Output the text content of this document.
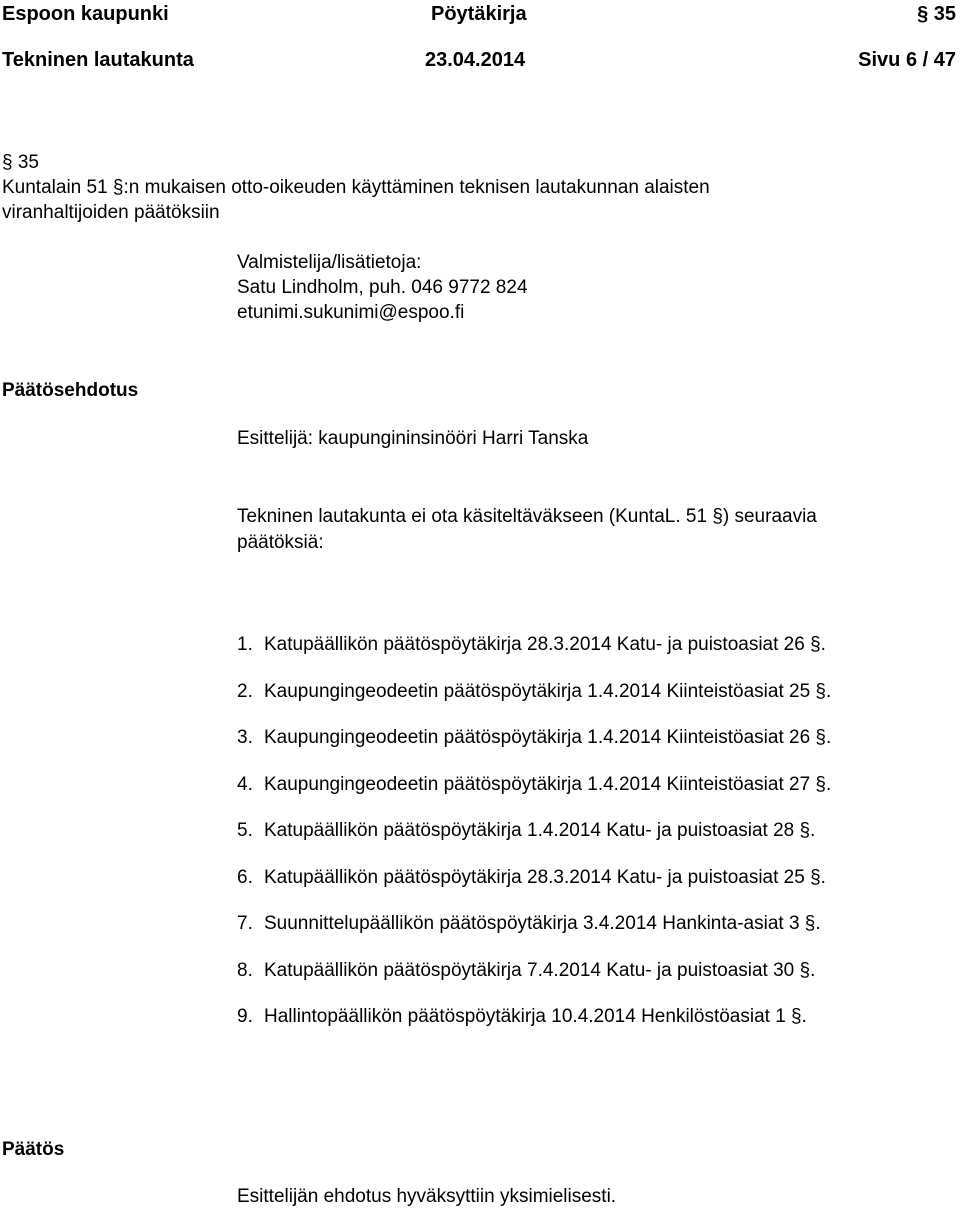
Espoon kaupunki	Pöytäkirja	§ 35
Tekninen lautakunta	23.04.2014	Sivu 6 / 47
§ 35
Kuntalain 51 §:n mukaisen otto-oikeuden käyttäminen teknisen lautakunnan alaisten
viranhaltijoiden päätöksiin
Valmistelija/lisätietoja:
Satu Lindholm, puh. 046 9772 824
etunimi.sukunimi@espoo.fi
Päätösehdotus
Esittelijä: kaupungininsinööri Harri Tanska
Tekninen lautakunta ei ota käsiteltäväkseen (KuntaL. 51 §) seuraavia
päätöksiä:
1. Katupäällikön päätöspöytäkirja 28.3.2014 Katu- ja puistoasiat 26 §.
2. Kaupungingeodeetin päätöspöytäkirja 1.4.2014 Kiinteistöasiat 25 §.
3. Kaupungingeodeetin päätöspöytäkirja 1.4.2014 Kiinteistöasiat 26 §.
4. Kaupungingeodeetin päätöspöytäkirja 1.4.2014 Kiinteistöasiat 27 §.
5. Katupäällikön päätöspöytäkirja 1.4.2014 Katu- ja puistoasiat 28 §.
6. Katupäällikön päätöspöytäkirja 28.3.2014 Katu- ja puistoasiat 25 §.
7. Suunnittelupäällikön päätöspöytäkirja 3.4.2014 Hankinta-asiat 3 §.
8. Katupäällikön päätöspöytäkirja 7.4.2014 Katu- ja puistoasiat 30 §.
9. Hallintopäällikön päätöspöytäkirja 10.4.2014 Henkilöstöasiat 1 §.
Päätös
Esittelijän ehdotus hyväksyttiin yksimielisesti.
